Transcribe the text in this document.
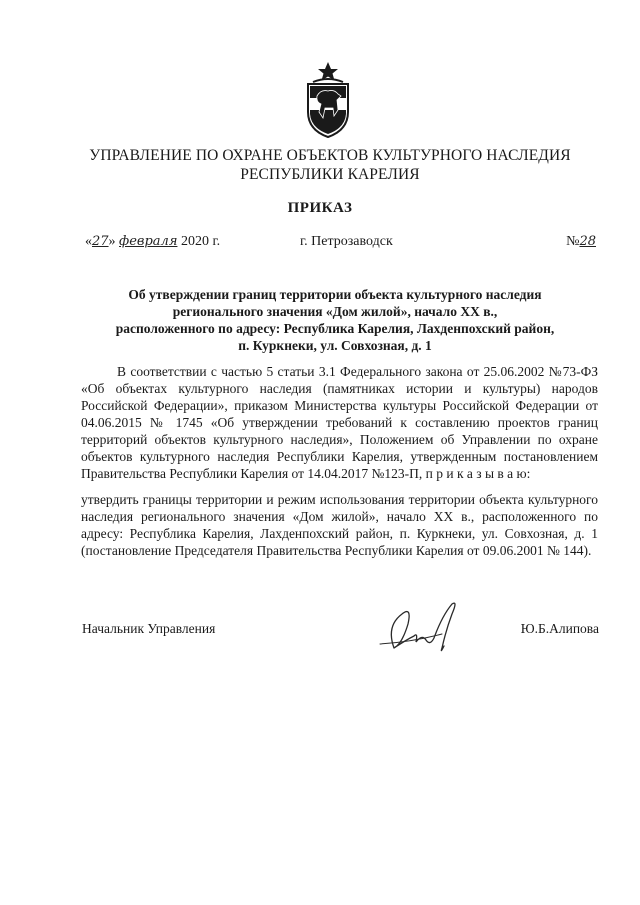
УПРАВЛЕНИЕ ПО ОХРАНЕ ОБЪЕКТОВ КУЛЬТУРНОГО НАСЛЕДИЯ
РЕСПУБЛИКИ КАРЕЛИЯ
ПРИКАЗ
«27» февраля 2020 г.	г. Петрозаводск	№28
Об утверждении границ территории объекта культурного наследия
регионального значения «Дом жилой», начало XX в.,
расположенного по адресу: Республика Карелия, Лахденпохский район,
п. Куркнеки, ул. Совхозная, д. 1
В соответствии с частью 5 статьи 3.1 Федерального закона от 25.06.2002 №73-ФЗ «Об объектах культурного наследия (памятниках истории и культуры) народов Российской Федерации», приказом Министерства культуры Российской Федерации от 04.06.2015 № 1745 «Об утверждении требований к составлению проектов границ территорий объектов культурного наследия», Положением об Управлении по охране объектов культурного наследия Республики Карелия, утвержденным постановлением Правительства Республики Карелия от 14.04.2017 №123-П, п р и к а з ы в а ю:
утвердить границы территории и режим использования территории объекта культурного наследия регионального значения «Дом жилой», начало XX в., расположенного по адресу: Республика Карелия, Лахденпохский район, п. Куркнеки, ул. Совхозная, д. 1 (постановление Председателя Правительства Республики Карелия от 09.06.2001 № 144).
Начальник Управления	Ю.Б.Алипова
